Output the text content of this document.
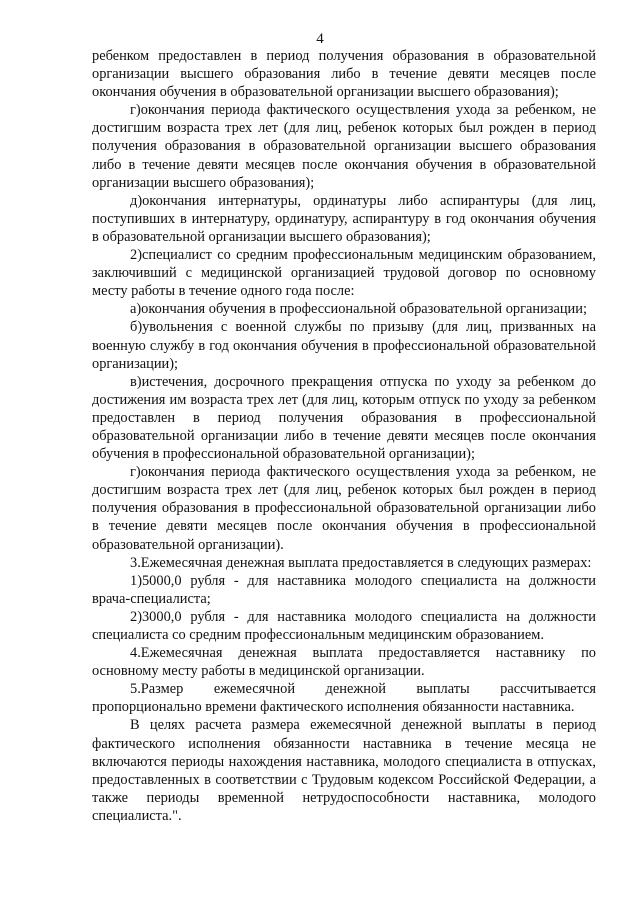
4

ребенком предоставлен в период получения образования в образовательной организации высшего образования либо в течение девяти месяцев после окончания обучения в образовательной организации высшего образования);

г)окончания периода фактического осуществления ухода за ребенком, не достигшим возраста трех лет (для лиц, ребенок которых был рожден в период получения образования в образовательной организации высшего образования либо в течение девяти месяцев после окончания обучения в образовательной организации высшего образования);

д)окончания интернатуры, ординатуры либо аспирантуры (для лиц, поступивших в интернатуру, ординатуру, аспирантуру в год окончания обучения в образовательной организации высшего образования);

2)специалист со средним профессиональным медицинским образованием, заключивший с медицинской организацией трудовой договор по основному месту работы в течение одного года после:

а)окончания обучения в профессиональной образовательной организации;

б)увольнения с военной службы по призыву (для лиц, призванных на военную службу в год окончания обучения в профессиональной образовательной организации);

в)истечения, досрочного прекращения отпуска по уходу за ребенком до достижения им возраста трех лет (для лиц, которым отпуск по уходу за ребенком предоставлен в период получения образования в профессиональной образовательной организации либо в течение девяти месяцев после окончания обучения в профессиональной образовательной организации);

г)окончания периода фактического осуществления ухода за ребенком, не достигшим возраста трех лет (для лиц, ребенок которых был рожден в период получения образования в профессиональной образовательной организации либо в течение девяти месяцев после окончания обучения в профессиональной образовательной организации).

3.Ежемесячная денежная выплата предоставляется в следующих размерах:

1)5000,0 рубля - для наставника молодого специалиста на должности врача-специалиста;

2)3000,0 рубля - для наставника молодого специалиста на должности специалиста со средним профессиональным медицинским образованием.

4.Ежемесячная денежная выплата предоставляется наставнику по основному месту работы в медицинской организации.

5.Размер ежемесячной денежной выплаты рассчитывается пропорционально времени фактического исполнения обязанности наставника.

В целях расчета размера ежемесячной денежной выплаты в период фактического исполнения обязанности наставника в течение месяца не включаются периоды нахождения наставника, молодого специалиста в отпусках, предоставленных в соответствии с Трудовым кодексом Российской Федерации, а также периоды временной нетрудоспособности наставника, молодого специалиста.".
